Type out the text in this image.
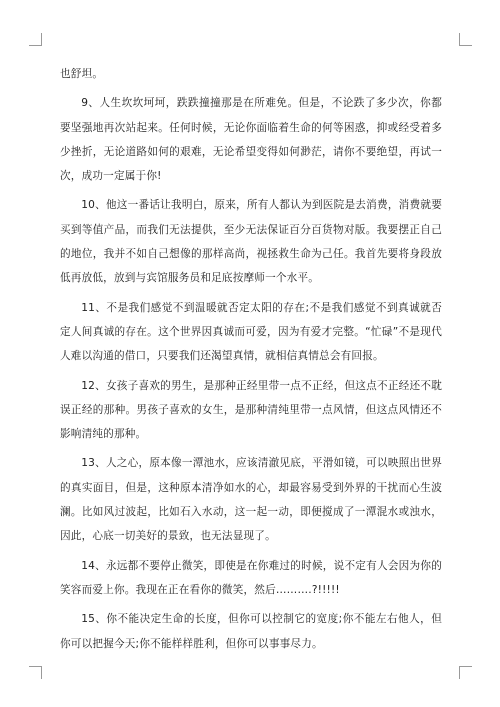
也舒坦。

9、人生坎坎坷坷，跌跌撞撞那是在所难免。但是，不论跌了多少次，你都要坚强地再次站起来。任何时候，无论你面临着生命的何等困惑，抑或经受着多少挫折，无论道路如何的艰难，无论希望变得如何渺茫，请你不要绝望，再试一次，成功一定属于你!

10、他这一番话让我明白，原来，所有人都认为到医院是去消费，消费就要买到等值产品，而我们无法提供，至少无法保证百分百货物对版。我要摆正自己的地位，我并不如自己想像的那样高尚，视拯救生命为己任。我首先要将身段放低再放低，放到与宾馆服务员和足底按摩师一个水平。

11、不是我们感觉不到温暖就否定太阳的存在;不是我们感觉不到真诚就否定人间真诚的存在。这个世界因真诚而可爱，因为有爱才完整。“忙碌”不是现代人难以沟通的借口，只要我们还渴望真情，就相信真情总会有回报。

12、女孩子喜欢的男生，是那种正经里带一点不正经，但这点不正经还不耽误正经的那种。男孩子喜欢的女生，是那种清纯里带一点风情，但这点风情还不影响清纯的那种。

13、人之心，原本像一潭池水，应该清澈见底，平滑如镜，可以映照出世界的真实面目，但是，这种原本清净如水的心，却最容易受到外界的干扰而心生波澜。比如风过波起，比如石入水动，这一起一动，即便搅成了一潭混水或浊水，因此，心底一切美好的景致，也无法显现了。

14、永远都不要停止微笑，即使是在你难过的时候，说不定有人会因为你的笑容而爱上你。我现在正在看你的微笑，然后……….?!!!!!

15、你不能决定生命的长度，但你可以控制它的宽度;你不能左右他人，但你可以把握今天;你不能样样胜利，但你可以事事尽力。
